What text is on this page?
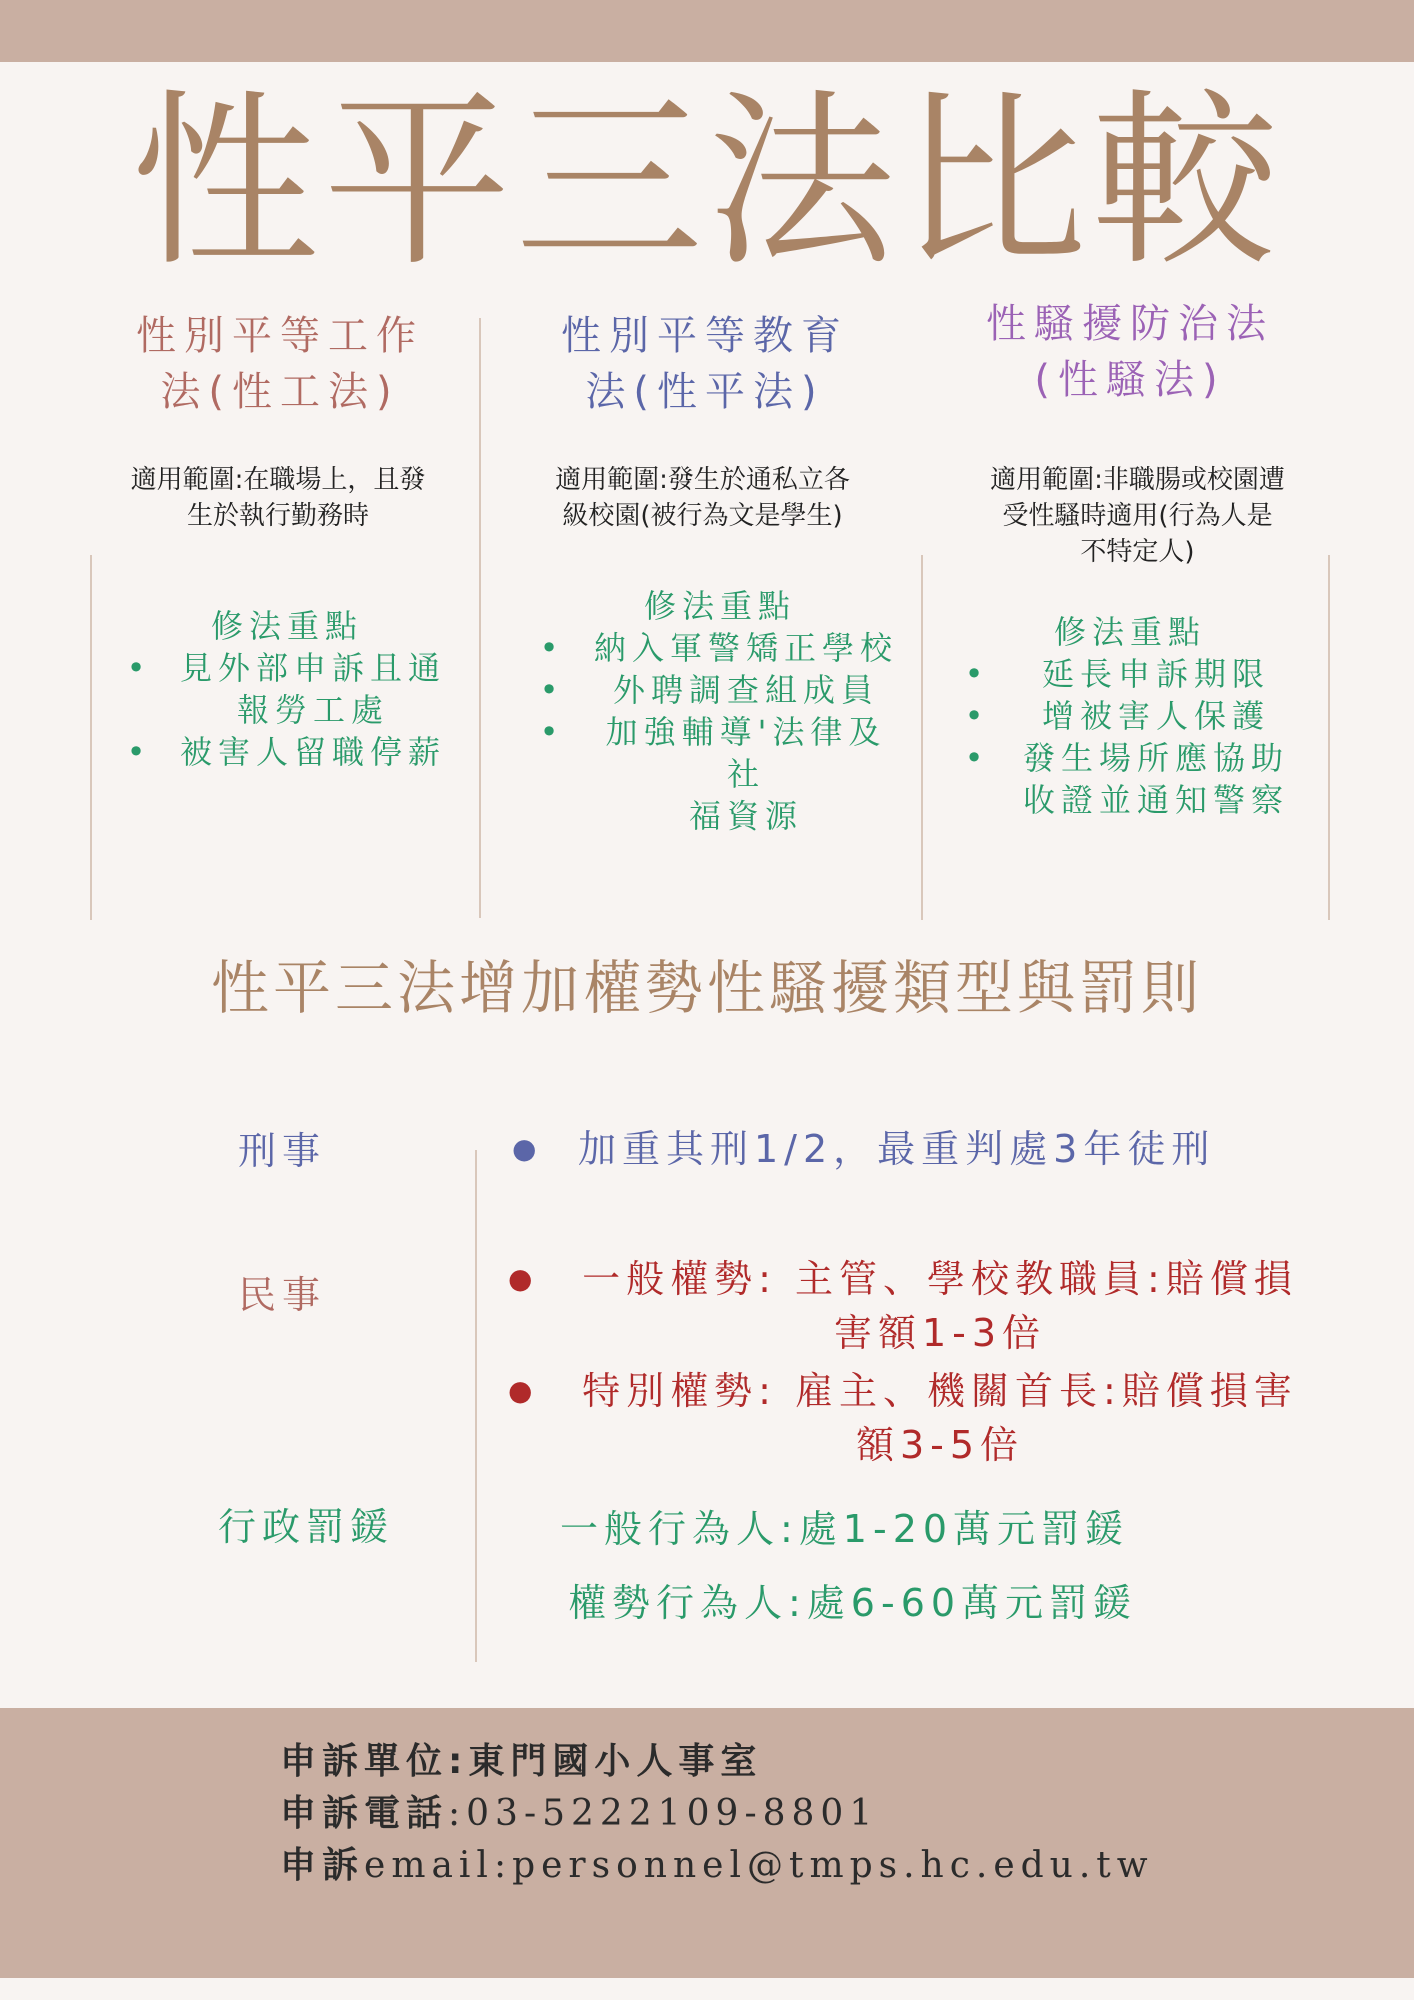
性平三法比較
性別平等工作
法(性工法)
適用範圍:在職場上，且發
生於執行勤務時
修法重點
• 見外部申訴且通
報勞工處
• 被害人留職停薪
性別平等教育
法(性平法)
適用範圍:發生於通私立各
級校園(被行為文是學生)
修法重點
• 納入軍警矯正學校
• 外聘調查組成員
• 加強輔導'法律及社
福資源
性騷擾防治法
(性騷法)
適用範圍:非職腸或校園遭
受性騷時適用(行為人是
不特定人)
修法重點
• 延長申訴期限
• 增被害人保護
• 發生場所應協助
收證並通知警察
性平三法增加權勢性騷擾類型與罰則
刑事	● 加重其刑1/2，最重判處3年徒刑
民事	●	一般權勢: 主管、學校教職員:賠償損
害額1-3倍
●	特別權勢: 雇主、機關首長:賠償損害
額3-5倍
行政罰鍰	一般行為人:處1-20萬元罰鍰
權勢行為人:處6-60萬元罰鍰
申訴單位:東門國小人事室
申訴電話:03-5222109-8801
申訴email:personnel@tmps.hc.edu.tw
